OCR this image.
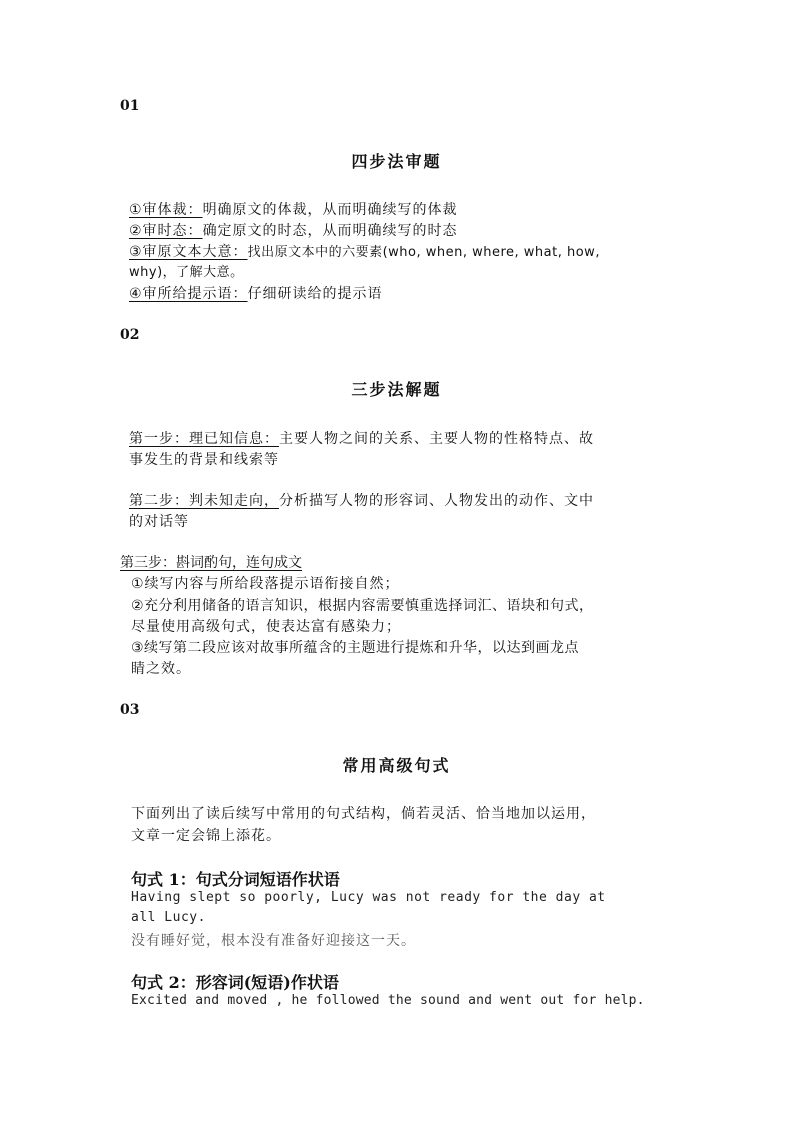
01
四步法审题
①审体裁：明确原文的体裁，从而明确续写的体裁
②审时态：确定原文的时态，从而明确续写的时态
③审原文本大意：找出原文本中的六要素(who, when, where, what, how,
why)，了解大意。
④审所给提示语：仔细研读给的提示语
02
三步法解题
第一步：理已知信息：主要人物之间的关系、主要人物的性格特点、故
事发生的背景和线索等
第二步：判未知走向，分析描写人物的形容词、人物发出的动作、文中
的对话等
第三步：斟词酌句，连句成文
①续写内容与所给段落提示语衔接自然；
②充分利用储备的语言知识，根据内容需要慎重选择词汇、语块和句式，
尽量使用高级句式，使表达富有感染力；
③续写第二段应该对故事所蕴含的主题进行提炼和升华，以达到画龙点
睛之效。
03
常用高级句式
下面列出了读后续写中常用的句式结构，倘若灵活、恰当地加以运用，
文章一定会锦上添花。
句式 1：句式分词短语作状语
Having slept so poorly, Lucy was not ready for the day at
all Lucy.
没有睡好觉，根本没有准备好迎接这一天。
句式 2：形容词(短语)作状语
Excited and moved , he followed the sound and went out for help.
